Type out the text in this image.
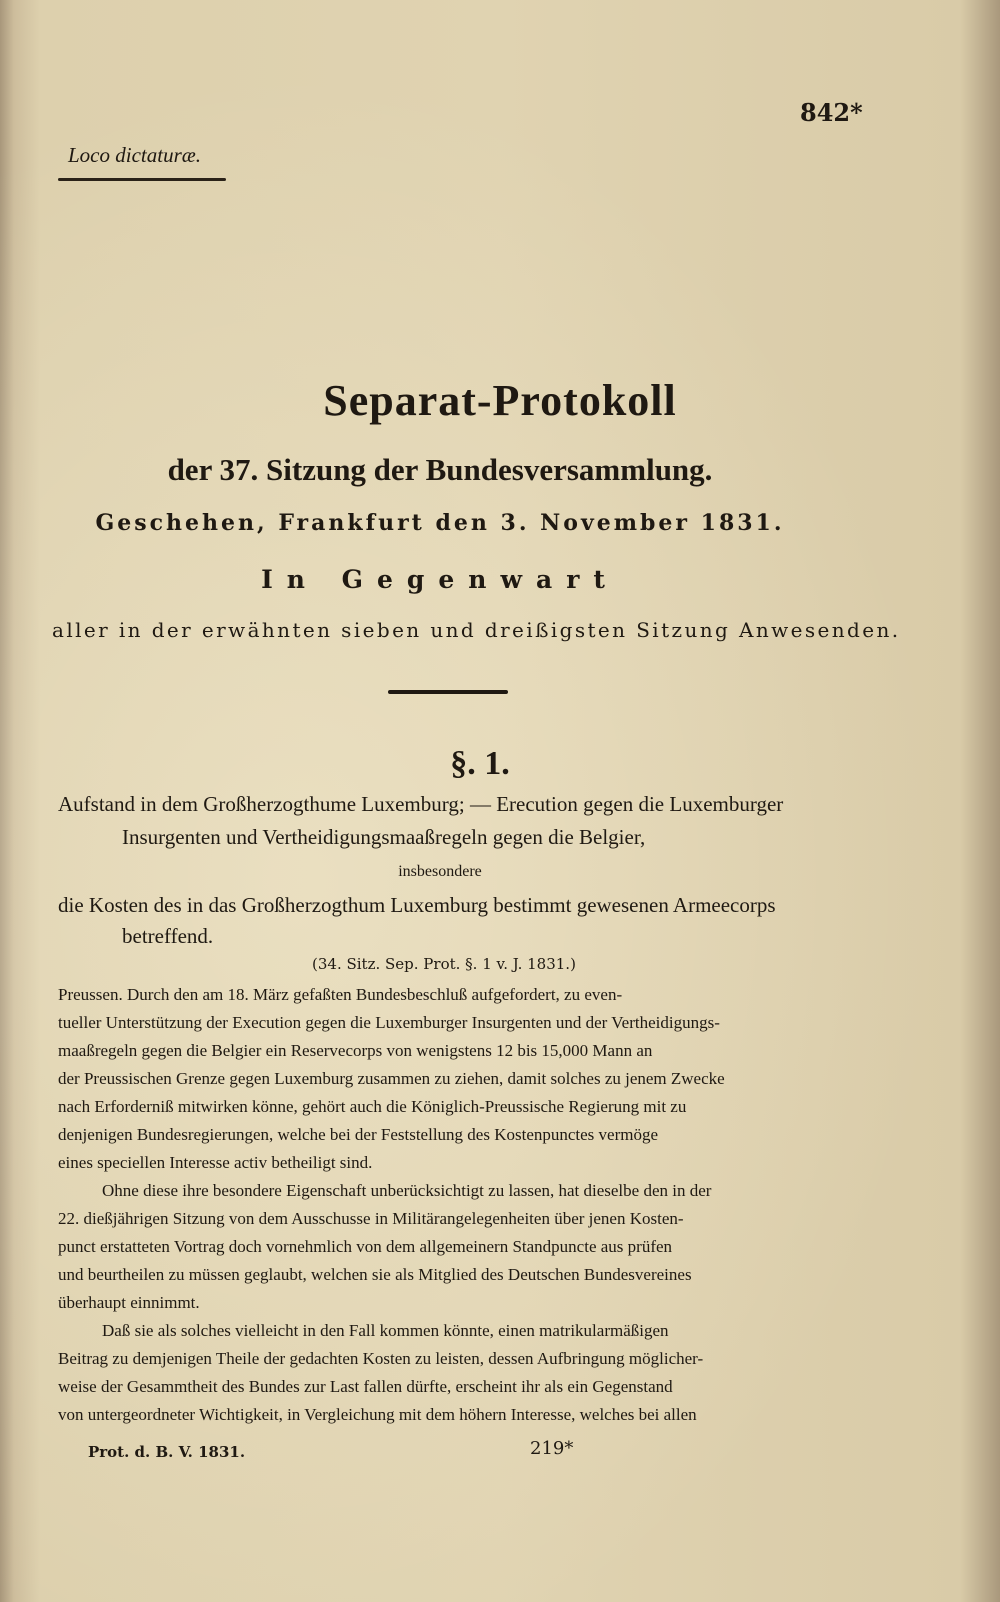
842*
Loco dictaturæ.
Separat-Protokoll
der 37. Sitzung der Bundesversammlung.
Geschehen, Frankfurt den 3. November 1831.
In Gegenwart
aller in der erwähnten sieben und dreißigsten Sitzung Anwesenden.
§. 1.
Aufstand in dem Großherzogthume Luxemburg; — Erecution gegen die Luxemburger
Insurgenten und Vertheidigungsmaaßregeln gegen die Belgier,
insbesondere
die Kosten des in das Großherzogthum Luxemburg bestimmt gewesenen Armeecorps
betreffend.
(34. Sitz. Sep. Prot. §. 1 v. J. 1831.)
Preussen. Durch den am 18. März gefaßten Bundesbeschluß aufgefordert, zu even-
tueller Unterstützung der Execution gegen die Luxemburger Insurgenten und der Vertheidigungs-
maaßregeln gegen die Belgier ein Reservecorps von wenigstens 12 bis 15,000 Mann an
der Preussischen Grenze gegen Luxemburg zusammen zu ziehen, damit solches zu jenem Zwecke
nach Erforderniß mitwirken könne, gehört auch die Königlich-Preussische Regierung mit zu
denjenigen Bundesregierungen, welche bei der Feststellung des Kostenpunctes vermöge
eines speciellen Interesse activ betheiligt sind.
Ohne diese ihre besondere Eigenschaft unberücksichtigt zu lassen, hat dieselbe den in der
22. dießjährigen Sitzung von dem Ausschusse in Militärangelegenheiten über jenen Kosten-
punct erstatteten Vortrag doch vornehmlich von dem allgemeinern Standpuncte aus prüfen
und beurtheilen zu müssen geglaubt, welchen sie als Mitglied des Deutschen Bundesvereines
überhaupt einnimmt.
Daß sie als solches vielleicht in den Fall kommen könnte, einen matrikularmäßigen
Beitrag zu demjenigen Theile der gedachten Kosten zu leisten, dessen Aufbringung möglicher-
weise der Gesammtheit des Bundes zur Last fallen dürfte, erscheint ihr als ein Gegenstand
von untergeordneter Wichtigkeit, in Vergleichung mit dem höhern Interesse, welches bei allen
Prot. d. B. V. 1831.	219*
